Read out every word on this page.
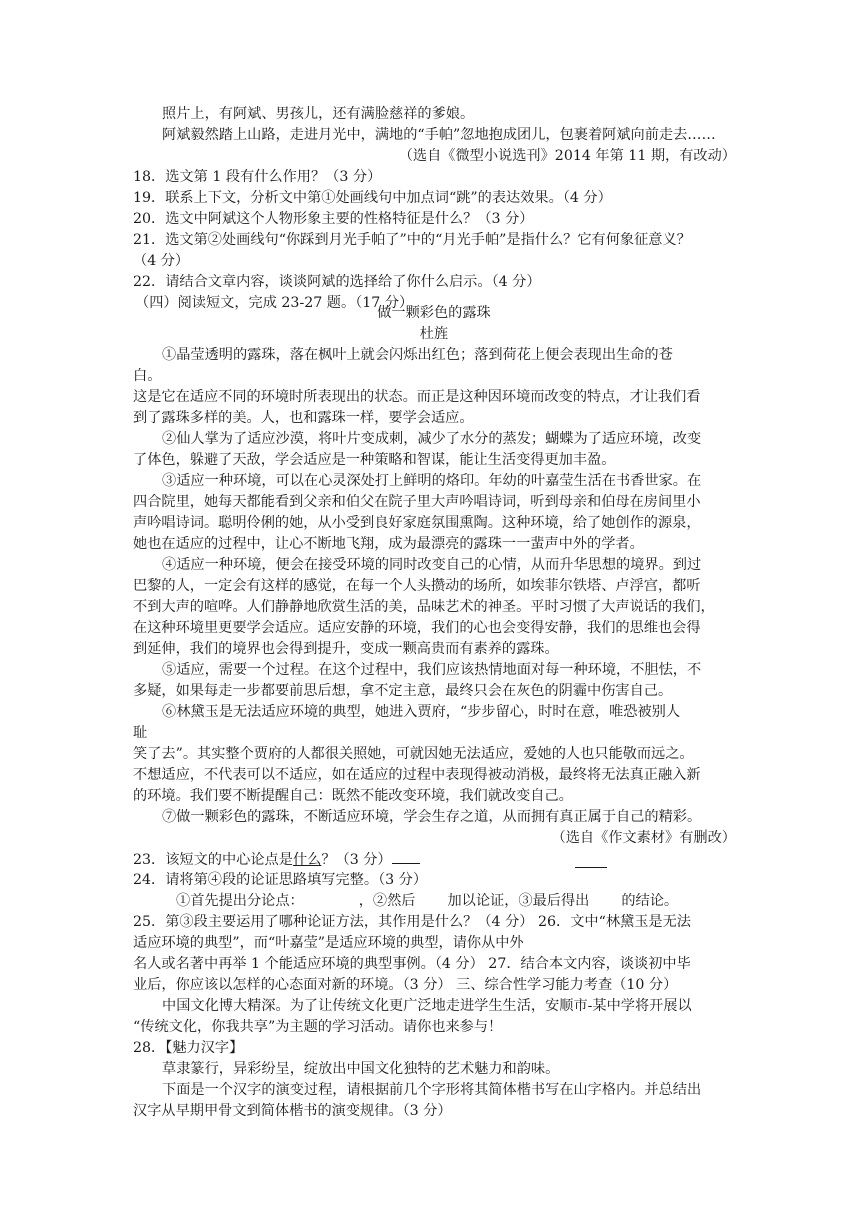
照片上，有阿斌、男孩儿，还有满脸慈祥的爹娘。
阿斌毅然踏上山路，走进月光中，满地的“手帕”忽地抱成团儿，包裹着阿斌向前走去……
（选自《微型小说选刊》2014 年第 11 期，有改动）
18．选文第 1 段有什么作用？（3 分）
19．联系上下文，分析文中第①处画线句中加点词“跳”的表达效果。（4 分）
20．选文中阿斌这个人物形象主要的性格特征是什么？（3 分）
21．选文第②处画线句“你踩到月光手帕了”中的“月光手帕”是指什么？它有何象征意义？
（4 分）
22．请结合文章内容，谈谈阿斌的选择给了你什么启示。（4 分）
（四）阅读短文，完成 23-27 题。（17 分）
做一颗彩色的露珠
杜旌
①晶莹透明的露珠，落在枫叶上就会闪烁出红色；落到荷花上便会表现出生命的苍
白。
这是它在适应不同的环境时所表现出的状态。而正是这种因环境而改变的特点，才让我们看
到了露珠多样的美。人，也和露珠一样，要学会适应。
②仙人掌为了适应沙漠，将叶片变成刺，减少了水分的蒸发；蝴蝶为了适应环境，改变
了体色，躲避了天敌，学会适应是一种策略和智谋，能让生活变得更加丰盈。
③适应一种环境，可以在心灵深处打上鲜明的烙印。年幼的叶嘉莹生活在书香世家。在
四合院里，她每天都能看到父亲和伯父在院子里大声吟唱诗词，听到母亲和伯母在房间里小
声吟唱诗词。聪明伶俐的她，从小受到良好家庭氛围熏陶。这种环境，给了她创作的源泉，
她也在适应的过程中，让心不断地飞翔，成为最漂亮的露珠一一蜚声中外的学者。
④适应一种环境，便会在接受环境的同时改变自己的心情，从而升华思想的境界。到过
巴黎的人，一定会有这样的感觉，在每一个人头攒动的场所，如埃菲尔铁塔、卢浮宫，都听
不到大声的喧哗。人们静静地欣赏生活的美，品味艺术的神圣。平时习惯了大声说话的我们，
在这种环境里更要学会适应。适应安静的环境，我们的心也会变得安静，我们的思维也会得
到延伸，我们的境界也会得到提升，变成一颗高贵而有素养的露珠。
⑤适应，需要一个过程。在这个过程中，我们应该热情地面对每一种环境，不胆怯，不
多疑，如果每走一步都要前思后想，拿不定主意，最终只会在灰色的阴霾中伤害自己。
⑥林黛玉是无法适应环境的典型，她进入贾府，“步步留心，时时在意，唯恐被别人
耻
笑了去”。其实整个贾府的人都很关照她，可就因她无法适应，爱她的人也只能敬而远之。
不想适应，不代表可以不适应，如在适应的过程中表现得被动消极，最终将无法真正融入新
的环境。我们要不断提醒自己：既然不能改变环境，我们就改变自己。
⑦做一颗彩色的露珠，不断适应环境，学会生存之道，从而拥有真正属于自己的精彩。
（选自《作文素材》有删改）
23．该短文的中心论点是什么？（3 分）
24．请将第④段的论证思路填写完整。（3 分）
①首先提出分论点：	，②然后 加以论证，③最后得出 的结论。
25．第③段主要运用了哪种论证方法，其作用是什么？（4 分） 26．文中“林黛玉是无法
适应环境的典型”，而“叶嘉莹”是适应环境的典型，请你从中外
名人或名著中再举 1 个能适应环境的典型事例。（4 分） 27．结合本文内容，谈谈初中毕
业后，你应该以怎样的心态面对新的环境。（3 分） 三、综合性学习能力考查（10 分）
中国文化博大精深。为了让传统文化更广泛地走进学生生活，安顺市-某中学将开展以
“传统文化，你我共享”为主题的学习活动。请你也来参与！
28．【魅力汉字】
草隶篆行，异彩纷呈，绽放出中国文化独特的艺术魅力和韵味。
下面是一个汉字的演变过程，请根据前几个字形将其简体楷书写在山字格内。并总结出
汉字从早期甲骨文到简体楷书的演变规律。（3 分）
